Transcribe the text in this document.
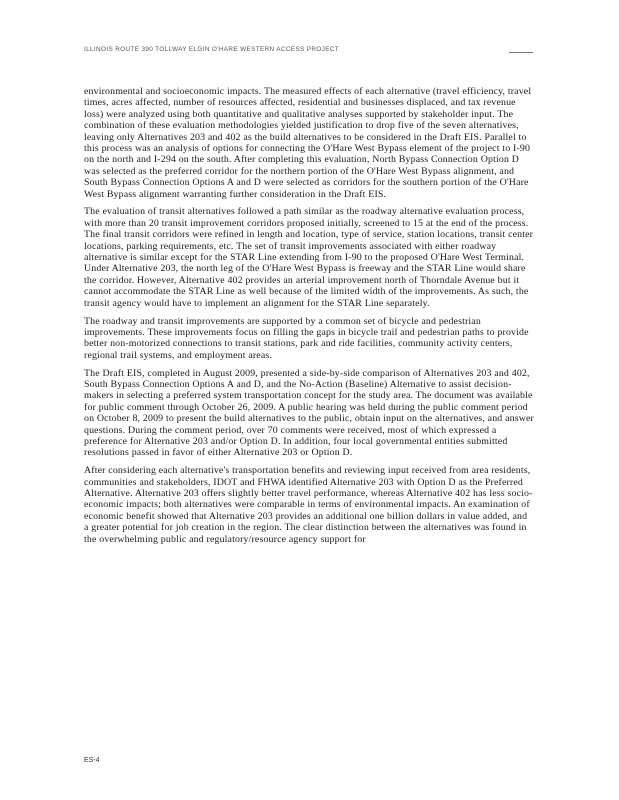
ILLINOIS ROUTE 390 TOLLWAY ELGIN O'HARE WESTERN ACCESS PROJECT

environmental and socioeconomic impacts. The measured effects of each alternative (travel efficiency, travel times, acres affected, number of resources affected, residential and businesses displaced, and tax revenue loss) were analyzed using both quantitative and qualitative analyses supported by stakeholder input. The combination of these evaluation methodologies yielded justification to drop five of the seven alternatives, leaving only Alternatives 203 and 402 as the build alternatives to be considered in the Draft EIS. Parallel to this process was an analysis of options for connecting the O'Hare West Bypass element of the project to I-90 on the north and I-294 on the south. After completing this evaluation, North Bypass Connection Option D was selected as the preferred corridor for the northern portion of the O'Hare West Bypass alignment, and South Bypass Connection Options A and D were selected as corridors for the southern portion of the O'Hare West Bypass alignment warranting further consideration in the Draft EIS.

The evaluation of transit alternatives followed a path similar as the roadway alternative evaluation process, with more than 20 transit improvement corridors proposed initially, screened to 15 at the end of the process. The final transit corridors were refined in length and location, type of service, station locations, transit center locations, parking requirements, etc. The set of transit improvements associated with either roadway alternative is similar except for the STAR Line extending from I-90 to the proposed O'Hare West Terminal. Under Alternative 203, the north leg of the O'Hare West Bypass is freeway and the STAR Line would share the corridor. However, Alternative 402 provides an arterial improvement north of Thorndale Avenue but it cannot accommodate the STAR Line as well because of the limited width of the improvements. As such, the transit agency would have to implement an alignment for the STAR Line separately.

The roadway and transit improvements are supported by a common set of bicycle and pedestrian improvements. These improvements focus on filling the gaps in bicycle trail and pedestrian paths to provide better non-motorized connections to transit stations, park and ride facilities, community activity centers, regional trail systems, and employment areas.

The Draft EIS, completed in August 2009, presented a side-by-side comparison of Alternatives 203 and 402, South Bypass Connection Options A and D, and the No-Action (Baseline) Alternative to assist decision-makers in selecting a preferred system transportation concept for the study area. The document was available for public comment through October 26, 2009. A public hearing was held during the public comment period on October 8, 2009 to present the build alternatives to the public, obtain input on the alternatives, and answer questions. During the comment period, over 70 comments were received, most of which expressed a preference for Alternative 203 and/or Option D. In addition, four local governmental entities submitted resolutions passed in favor of either Alternative 203 or Option D.

After considering each alternative's transportation benefits and reviewing input received from area residents, communities and stakeholders, IDOT and FHWA identified Alternative 203 with Option D as the Preferred Alternative. Alternative 203 offers slightly better travel performance, whereas Alternative 402 has less socio-economic impacts; both alternatives were comparable in terms of environmental impacts. An examination of economic benefit showed that Alternative 203 provides an additional one billion dollars in value added, and a greater potential for job creation in the region. The clear distinction between the alternatives was found in the overwhelming public and regulatory/resource agency support for

ES-4
